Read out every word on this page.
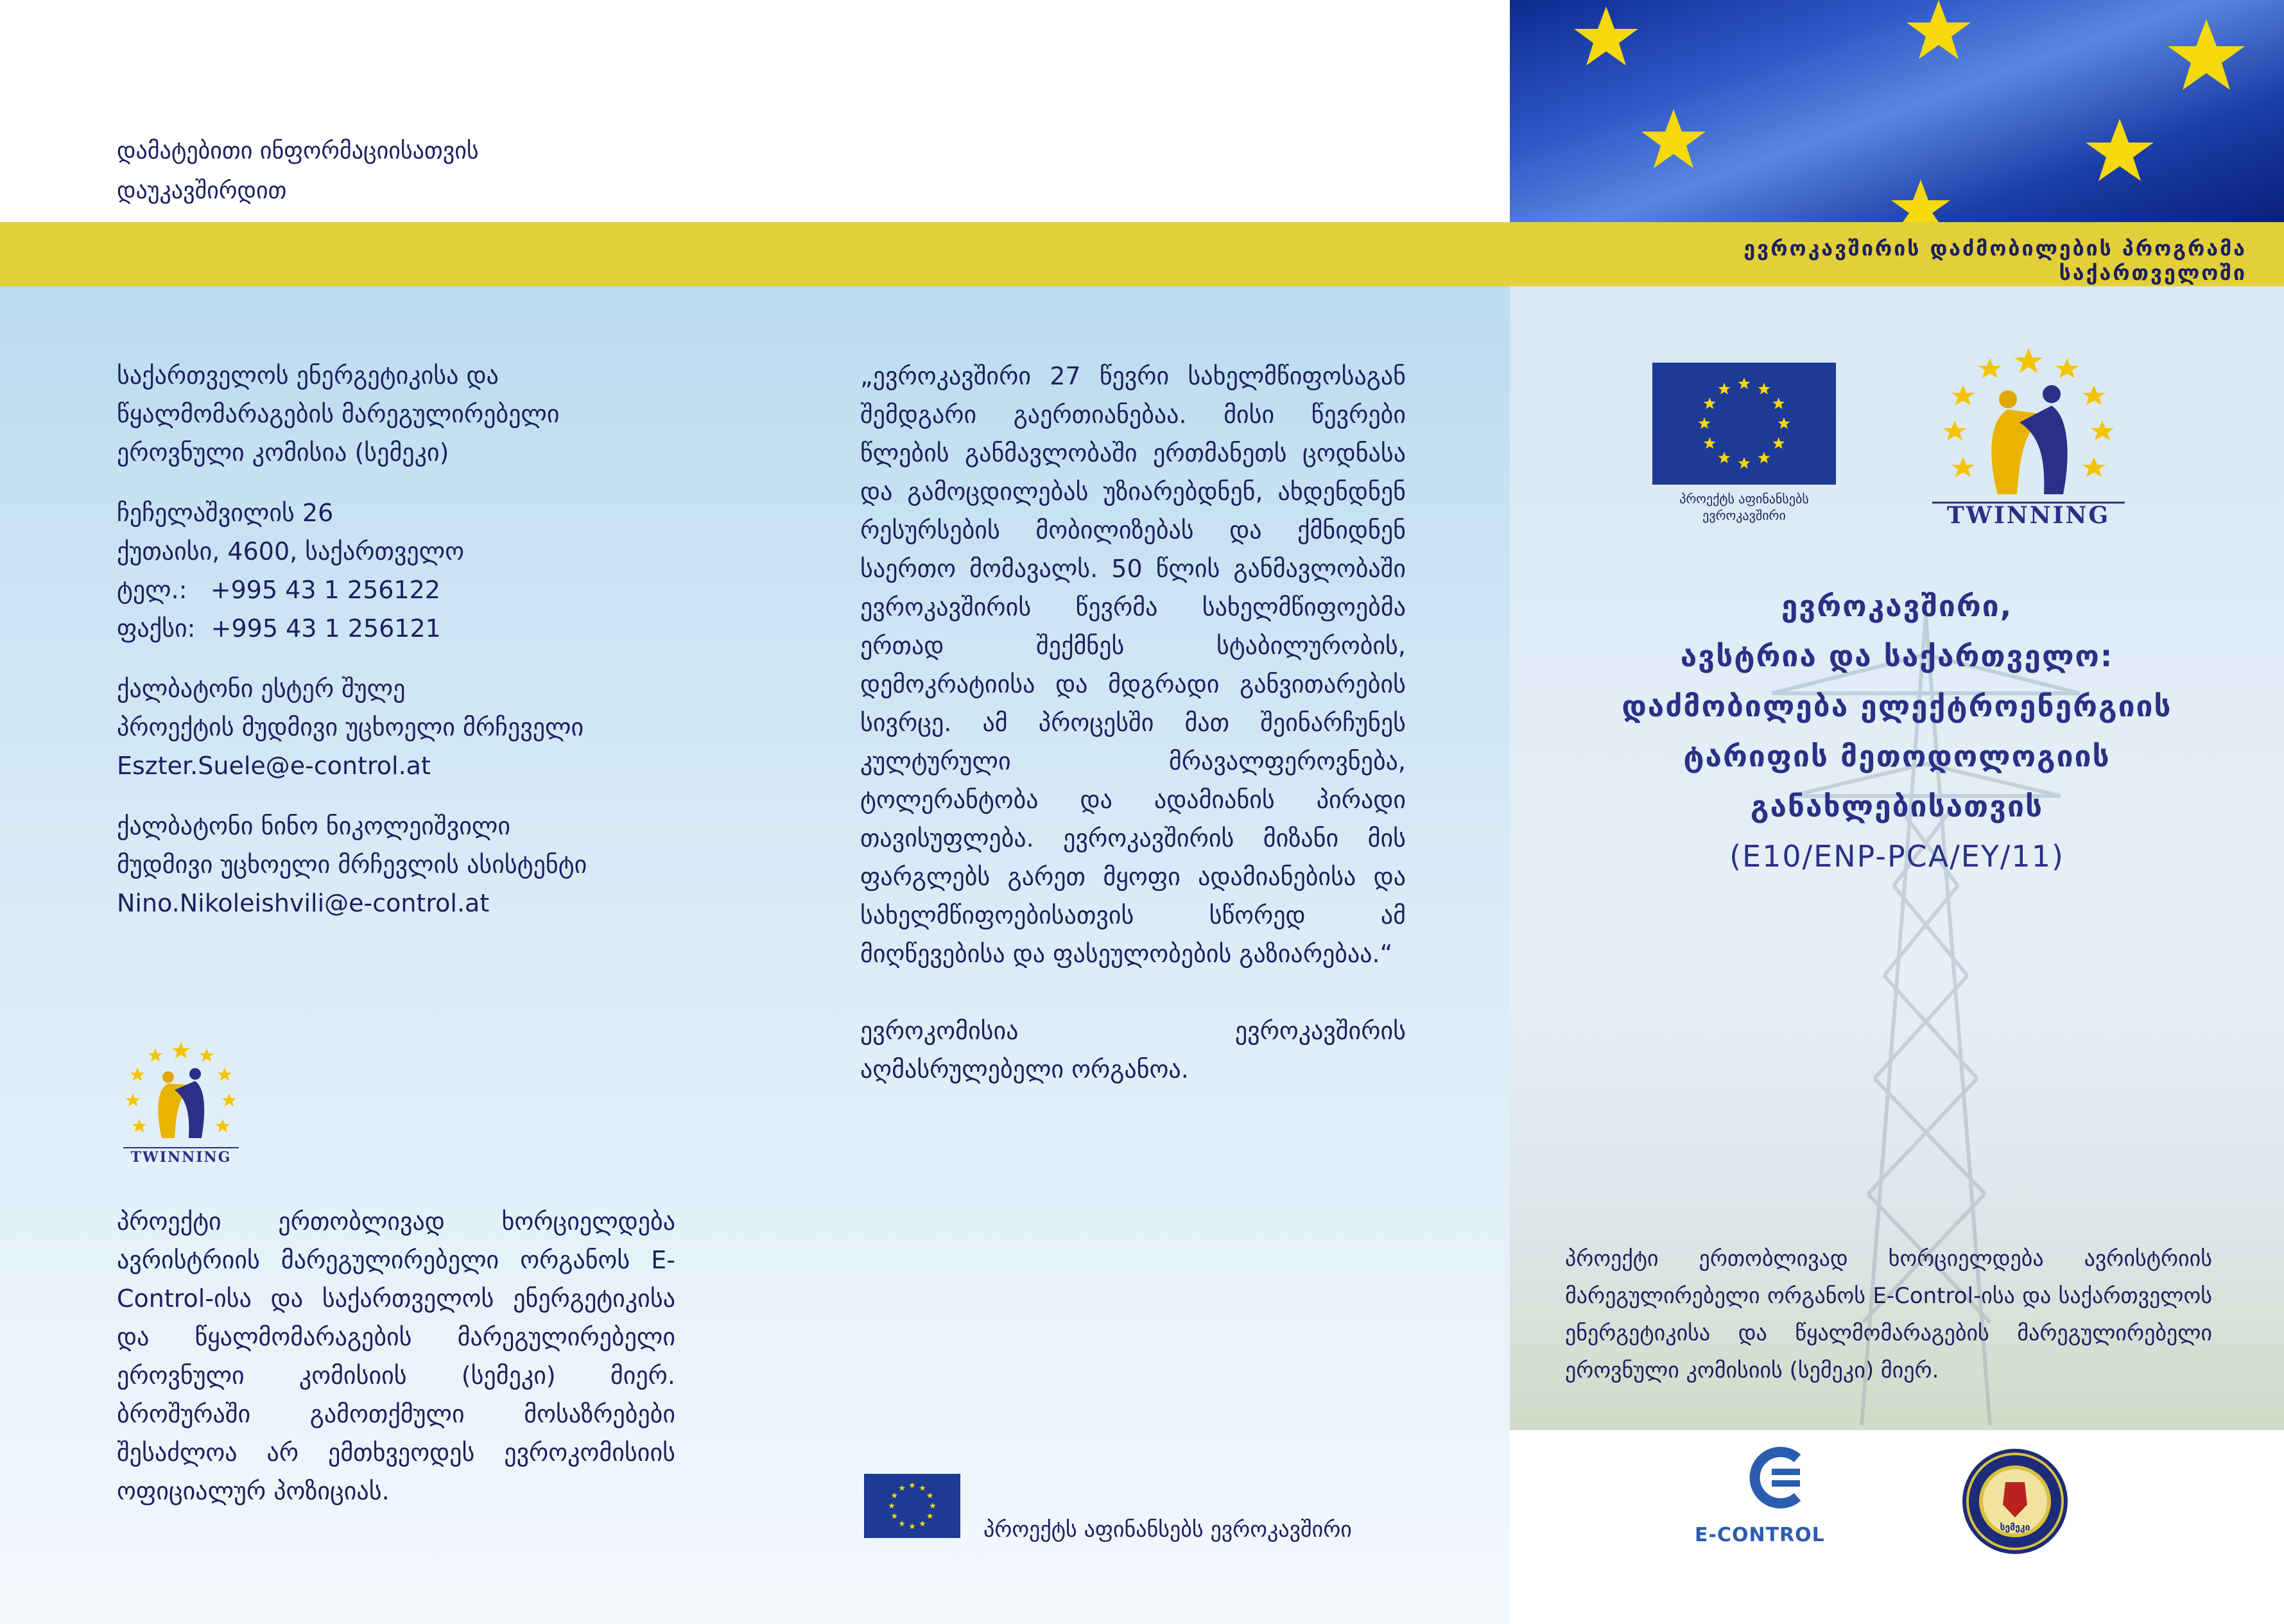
ევროკავშირის დაძმობილების პროგრამა საქართველოში

დამატებითი ინფორმაციისათვის

დაუკავშირდით

საქართველოს ენერგეტიკისა და

წყალმომარაგების მარეგულირებელი

ეროვნული კომისია (სემეკი)

ჩეჩელაშვილის 26

ქუთაისი, 4600, საქართველო

ტელ.: +995 43 1 256122

ფაქსი: +995 43 1 256121

ქალბატონი ესტერ შულე

პროექტის მუდმივი უცხოელი მრჩეველი

Eszter.Suele@e-control.at

ქალბატონი ნინო ნიკოლეიშვილი

მუდმივი უცხოელი მრჩევლის ასისტენტი

Nino.Nikoleishvili@e-control.at

TWINNING
პროექტი ერთობლივად ხორციელდება ავრისტრიის მარეგულირებელი ორგანოს E-Control-ისა და საქართველოს ენერგეტიკისა და წყალმომარაგების მარეგულირებელი ეროვნული კომისიის (სემეკი) მიერ. ბროშურაში გამოთქმული მოსაზრებები შესაძლოა არ ემთხვეოდეს ევროკომისიის ოფიციალურ პოზიციას.

„ევროკავშირი 27 წევრი სახელმწიფოსაგან შემდგარი გაერთიანებაა. მისი წევრები წლების განმავლობაში ერთმანეთს ცოდნასა და გამოცდილებას უზიარებდნენ, ახდენდნენ რესურსების მობილიზებას და ქმნიდნენ საერთო მომავალს. 50 წლის განმავლობაში ევროკავშირის წევრმა სახელმწიფოებმა ერთად შექმნეს სტაბილურობის, დემოკრატიისა და მდგრადი განვითარების სივრცე. ამ პროცესში მათ შეინარჩუნეს კულტურული მრავალფეროვნება, ტოლერანტობა და ადამიანის პირადი თავისუფლება. ევროკავშირის მიზანი მის ფარგლებს გარეთ მყოფი ადამიანებისა და სახელმწიფოებისათვის სწორედ ამ მიღწევებისა და ფასეულობების გაზიარებაა.“

ევროკომისია ევროკავშირის აღმასრულებელი ორგანოა.

პროექტს აფინანსებს ევროკავშირი
პროექტს აფინანსებს
ევროკავშირი	TWINNING
ევროკავშირი,
ავსტრია და საქართველო:
დაძმობილება ელექტროენერგიის
ტარიფის მეთოდოლოგიის
განახლებისათვის
(E10/ENP-PCA/EY/11)
პროექტი ერთობლივად ხორციელდება ავრისტრიის მარეგულირებელი ორგანოს E-Control-ისა და საქართველოს ენერგეტიკისა და წყალმომარაგების მარეგულირებელი ეროვნული კომისიის (სემეკი) მიერ.
E-CONTROL	სემეკი
